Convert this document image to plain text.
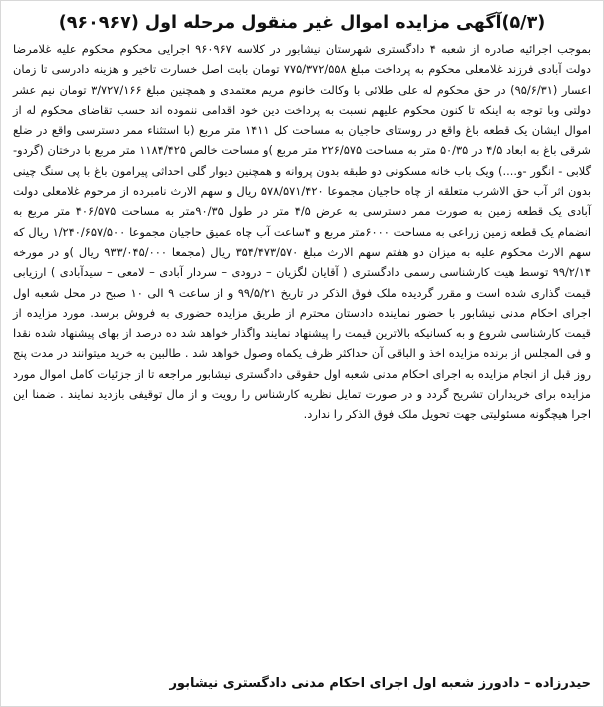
(۵/۳)آگهی مزایده اموال غیر منقول مرحله اول (۹۶۰۹۶۷)

بموجب اجرائیه صادره از شعبه ۴ دادگستری شهرستان نیشابور در کلاسه ۹۶۰۹۶۷ اجرایی محکوم محکوم علیه غلامرضا دولت آبادی فرزند غلامعلی محکوم به پرداخت مبلغ ۷۷۵/۳۷۲/۵۵۸ تومان بابت اصل خسارت تاخیر و هزینه دادرسی تا زمان اعسار (۹۵/۶/۳۱) در حق محکوم له علی طلائی با وکالت خانوم مریم معتمدی و همچنین مبلغ ۳/۷۲۷/۱۶۶ تومان نیم عشر دولتی وبا توجه به اینکه تا کنون محکوم علیهم نسبت به پرداخت دین خود اقدامی ننموده اند حسب تقاضای محکوم له از اموال ایشان یک قطعه باغ واقع در روستای حاجیان به مساحت کل ۱۴۱۱ متر مربع (با استثناء ممر دسترسی واقع در ضلع شرقی باغ به ابعاد ۴/۵ در ۵۰/۳۵ متر به مساحت ۲۲۶/۵۷۵ متر مربع )و مساحت خالص ۱۱۸۴/۴۲۵ متر مربع با درختان (گردو-گلابی - انگور -و....) ویک باب خانه مسکونی دو طبقه بدون پروانه و همچنین دیوار گلی احداثی پیرامون باغ با پی سنگ چینی بدون اثر آب حق الاشرب متعلقه از چاه حاجیان مجموعا ۵۷۸/۵۷۱/۴۲۰ ریال و سهم الارث نامبرده از مرحوم غلامعلی دولت آبادی یک قطعه زمین به صورت ممر دسترسی به عرض ۴/۵ متر در طول ۹۰/۳۵متر به مساحت ۴۰۶/۵۷۵ متر مربع به انضمام یک قطعه زمین زراعی به مساحت ۶۰۰۰متر مربع و ۴ساعت آب چاه عمیق حاجیان مجموعا ۱/۲۴۰/۶۵۷/۵۰۰ ریال که سهم الارث محکوم علیه به میزان دو هفتم سهم الارث مبلغ ۳۵۴/۴۷۳/۵۷۰ ریال (مجمعا ۹۳۳/۰۴۵/۰۰۰ ریال )و در مورخه ۹۹/۲/۱۴ توسط هیت کارشناسی رسمی دادگستری ( آقایان لگزیان – درودی – سردار آبادی – لامعی – سیدآبادی ) ارزیابی قیمت گذاری شده است و مقرر گردیده ملک فوق الذکر در تاریخ ۹۹/۵/۲۱ و از ساعت ۹ الی ۱۰ صبح در محل شعبه اول اجرای احکام مدنی نیشابور با حضور نماینده دادستان محترم از طریق مزایده حضوری به فروش برسد. مورد مزایده از قیمت کارشناسی شروع و به کسانیکه بالاترین قیمت را پیشنهاد نمایند واگذار خواهد شد ده درصد از بهای پیشنهاد شده نقدا و فی المجلس از برنده مزایده اخذ و الباقی آن حداکثر ظرف یکماه وصول خواهد شد . طالبین به خرید میتوانند در مدت پنج روز قبل از انجام مزایده به اجرای احکام مدنی شعبه اول حقوقی دادگستری نیشابور مراجعه تا از جزئیات کامل اموال مورد مزایده برای خریداران تشریح گردد و در صورت تمایل نظریه کارشناس را رویت و از مال توقیفی بازدید نمایند . ضمنا این اجرا هیچگونه مسئولیتی جهت تحویل ملک فوق الذکر را ندارد.

حیدرزاده – دادورز شعبه اول اجرای احکام مدنی دادگستری نیشابور
